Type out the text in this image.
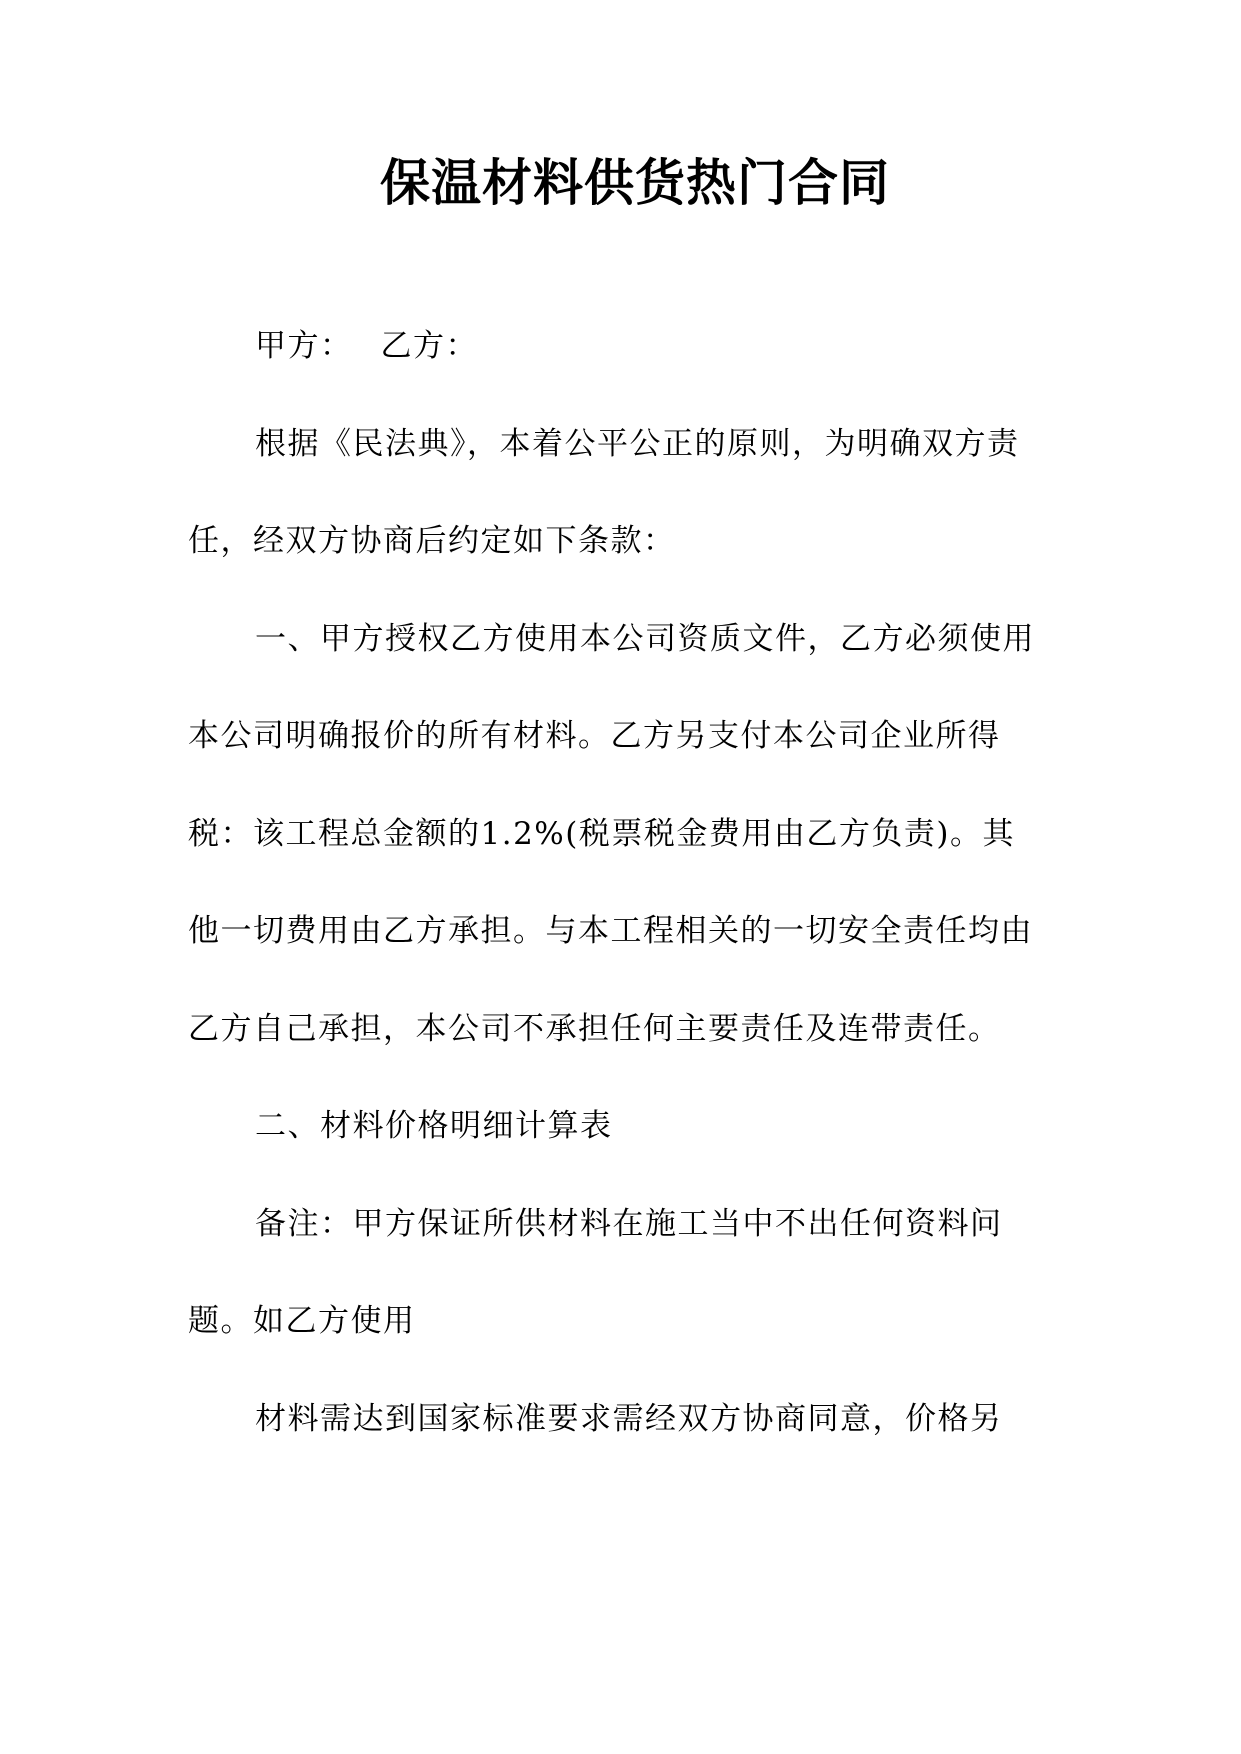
保温材料供货热门合同

甲方： 乙方：

根据《民法典》，本着公平公正的原则，为明确双方责任，经双方协商后约定如下条款：

一、甲方授权乙方使用本公司资质文件，乙方必须使用本公司明确报价的所有材料。乙方另支付本公司企业所得税：该工程总金额的1.2%(税票税金费用由乙方负责)。其他一切费用由乙方承担。与本工程相关的一切安全责任均由乙方自己承担，本公司不承担任何主要责任及连带责任。

二、材料价格明细计算表

备注：甲方保证所供材料在施工当中不出任何资料问题。如乙方使用

材料需达到国家标准要求需经双方协商同意，价格另
